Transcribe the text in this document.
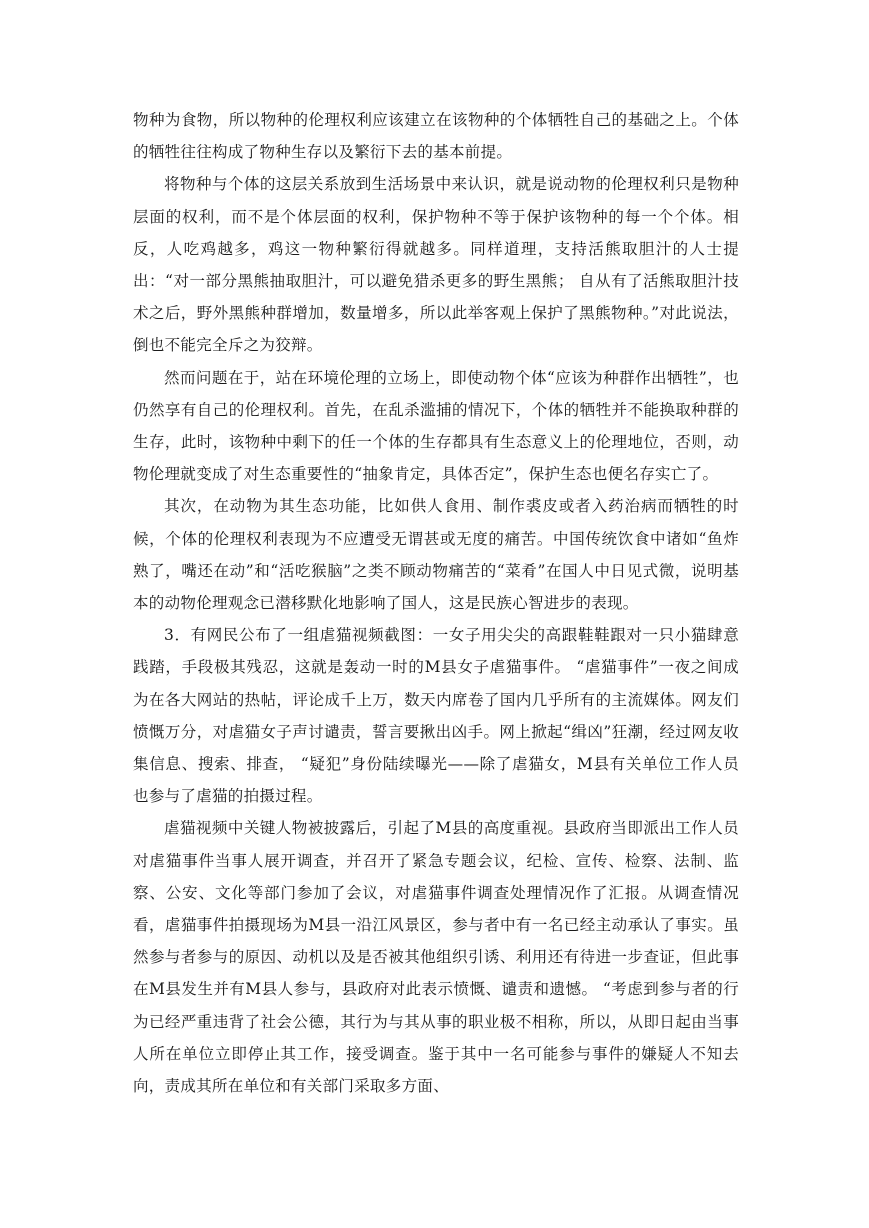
物种为食物，所以物种的伦理权利应该建立在该物种的个体牺牲自己的基础之上。个体的牺牲往往构成了物种生存以及繁衍下去的基本前提。

将物种与个体的这层关系放到生活场景中来认识，就是说动物的伦理权利只是物种层面的权利，而不是个体层面的权利，保护物种不等于保护该物种的每一个个体。相反，人吃鸡越多，鸡这一物种繁衍得就越多。同样道理，支持活熊取胆汁的人士提出：“对一部分黑熊抽取胆汁，可以避免猎杀更多的野生黑熊； 自从有了活熊取胆汁技术之后，野外黑熊种群增加，数量增多，所以此举客观上保护了黑熊物种。”对此说法，倒也不能完全斥之为狡辩。

然而问题在于，站在环境伦理的立场上，即使动物个体“应该为种群作出牺牲”，也仍然享有自己的伦理权利。首先，在乱杀滥捕的情况下，个体的牺牲并不能换取种群的生存，此时，该物种中剩下的任一个体的生存都具有生态意义上的伦理地位，否则，动物伦理就变成了对生态重要性的“抽象肯定，具体否定”，保护生态也便名存实亡了。

其次，在动物为其生态功能，比如供人食用、制作裘皮或者入药治病而牺牲的时候，个体的伦理权利表现为不应遭受无谓甚或无度的痛苦。中国传统饮食中诸如“鱼炸熟了，嘴还在动”和“活吃猴脑”之类不顾动物痛苦的“菜肴”在国人中日见式微，说明基本的动物伦理观念已潜移默化地影响了国人，这是民族心智进步的表现。

3．有网民公布了一组虐猫视频截图：一女子用尖尖的高跟鞋鞋跟对一只小猫肆意践踏，手段极其残忍，这就是轰动一时的M县女子虐猫事件。 “虐猫事件”一夜之间成为在各大网站的热帖，评论成千上万，数天内席卷了国内几乎所有的主流媒体。网友们愤慨万分，对虐猫女子声讨谴责，誓言要揪出凶手。网上掀起“缉凶”狂潮，经过网友收集信息、搜索、排查， “疑犯”身份陆续曝光——除了虐猫女，M县有关单位工作人员也参与了虐猫的拍摄过程。

虐猫视频中关键人物被披露后，引起了M县的高度重视。县政府当即派出工作人员对虐猫事件当事人展开调查，并召开了紧急专题会议，纪检、宣传、检察、法制、监察、公安、文化等部门参加了会议，对虐猫事件调查处理情况作了汇报。从调查情况看，虐猫事件拍摄现场为M县一沿江风景区，参与者中有一名已经主动承认了事实。虽然参与者参与的原因、动机以及是否被其他组织引诱、利用还有待进一步查证，但此事在M县发生并有M县人参与，县政府对此表示愤慨、谴责和遗憾。 “考虑到参与者的行为已经严重违背了社会公德，其行为与其从事的职业极不相称，所以，从即日起由当事人所在单位立即停止其工作，接受调查。鉴于其中一名可能参与事件的嫌疑人不知去向，责成其所在单位和有关部门采取多方面、
